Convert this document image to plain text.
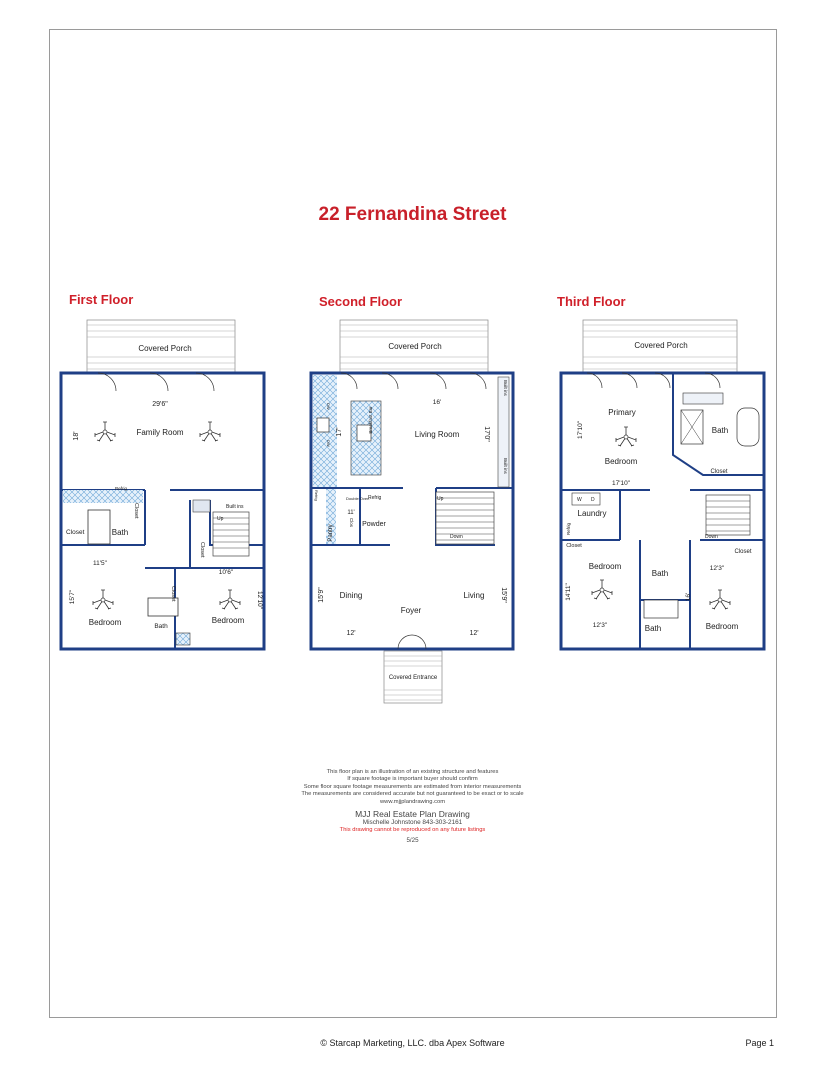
22 Fernandina Street
First Floor	Second Floor	Third Floor
Covered Porch
Family Room
Bath
Closet
Bedroom	Bedroom
Bath
Refrig
Built ins
Up
Closet
Closet
Closet
29'6"
18'
11'5"
15'7"
10'6"
12'10"
Covered Porch
Living Room
Breakfast Bar
Pantry	Powder
Dining
Foyer
Living
Built ins
Built ins
Refrig
Double Oven
Clos
Up
Down
Refrig
DW
DW
16'
17'	17'0"
11'
15'9"
12'	12'
15'9"
Covered Entrance
Covered Porch
Primary
Bedroom
Bath
Closet
Laundry
Closet
Bedroom
Bath
Bath	Bedroom
Closet
Down
Refrig
W D
17'10"
17'10"
12'3"
14'11"
12'3"
16'
This floor plan is an illustration of an existing structure and features
If square footage is important buyer should confirm
Some floor square footage measurements are estimated from interior measurements
The measurements are considered accurate but not guaranteed to be exact or to scale
www.mjjplandrawing.com
MJJ Real Estate Plan Drawing
Mischelle Johnstone 843-303-2161
This drawing cannot be reproduced on any future listings
5/25
© Starcap Marketing, LLC. dba Apex Software	Page 1
